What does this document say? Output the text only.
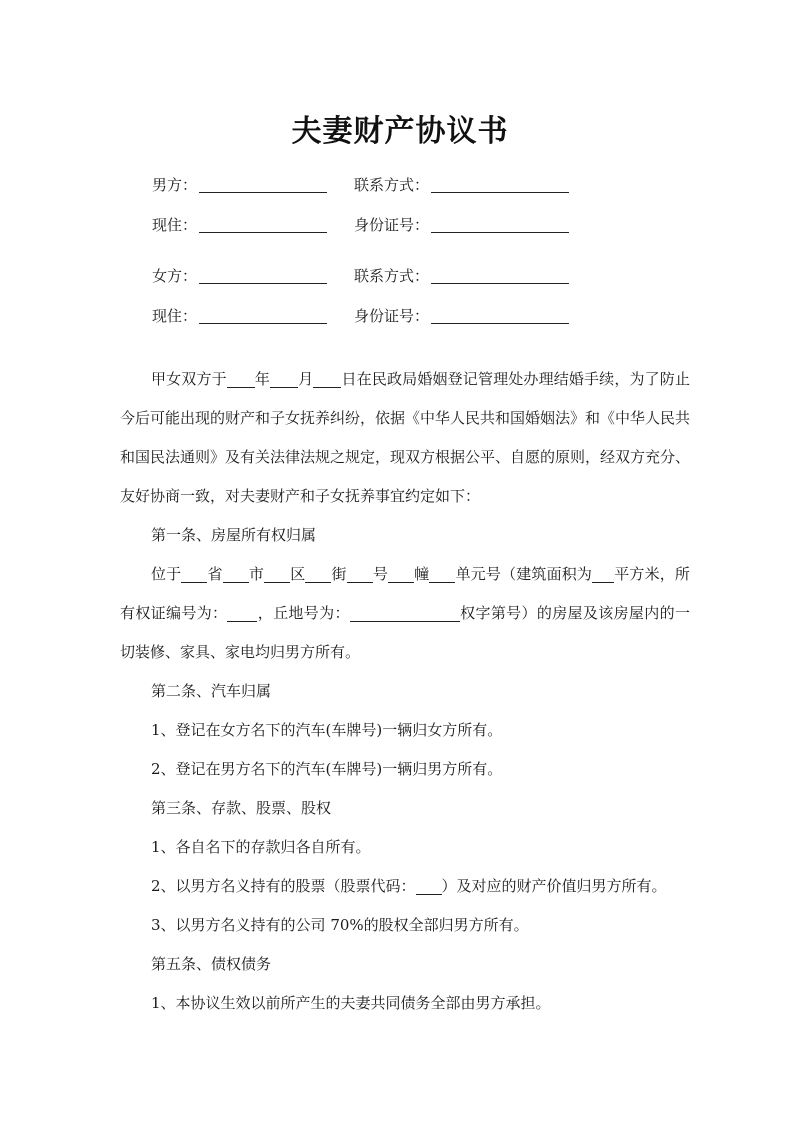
夫妻财产协议书
男方：	联系方式：
现住：	身份证号：
女方：	联系方式：
现住：	身份证号：

甲女双方于 年 月 日在民政局婚姻登记管理处办理结婚手续，为了防止今后可能出现的财产和子女抚养纠纷，依据《中华人民共和国婚姻法》和《中华人民共和国民法通则》及有关法律法规之规定，现双方根据公平、自愿的原则，经双方充分、友好协商一致，对夫妻财产和子女抚养事宜约定如下：

第一条、房屋所有权归属

位于 省 市 区 街 号 幢 单元号（建筑面积为 平方米，所有权证编号为： ，丘地号为：	权字第号）的房屋及该房屋内的一切装修、家具、家电均归男方所有。

第二条、汽车归属

1、登记在女方名下的汽车(车牌号)一辆归女方所有。

2、登记在男方名下的汽车(车牌号)一辆归男方所有。

第三条、存款、股票、股权

1、各自名下的存款归各自所有。

2、以男方名义持有的股票（股票代码： ）及对应的财产价值归男方所有。

3、以男方名义持有的公司 70%的股权全部归男方所有。

第五条、债权债务

1、本协议生效以前所产生的夫妻共同债务全部由男方承担。
